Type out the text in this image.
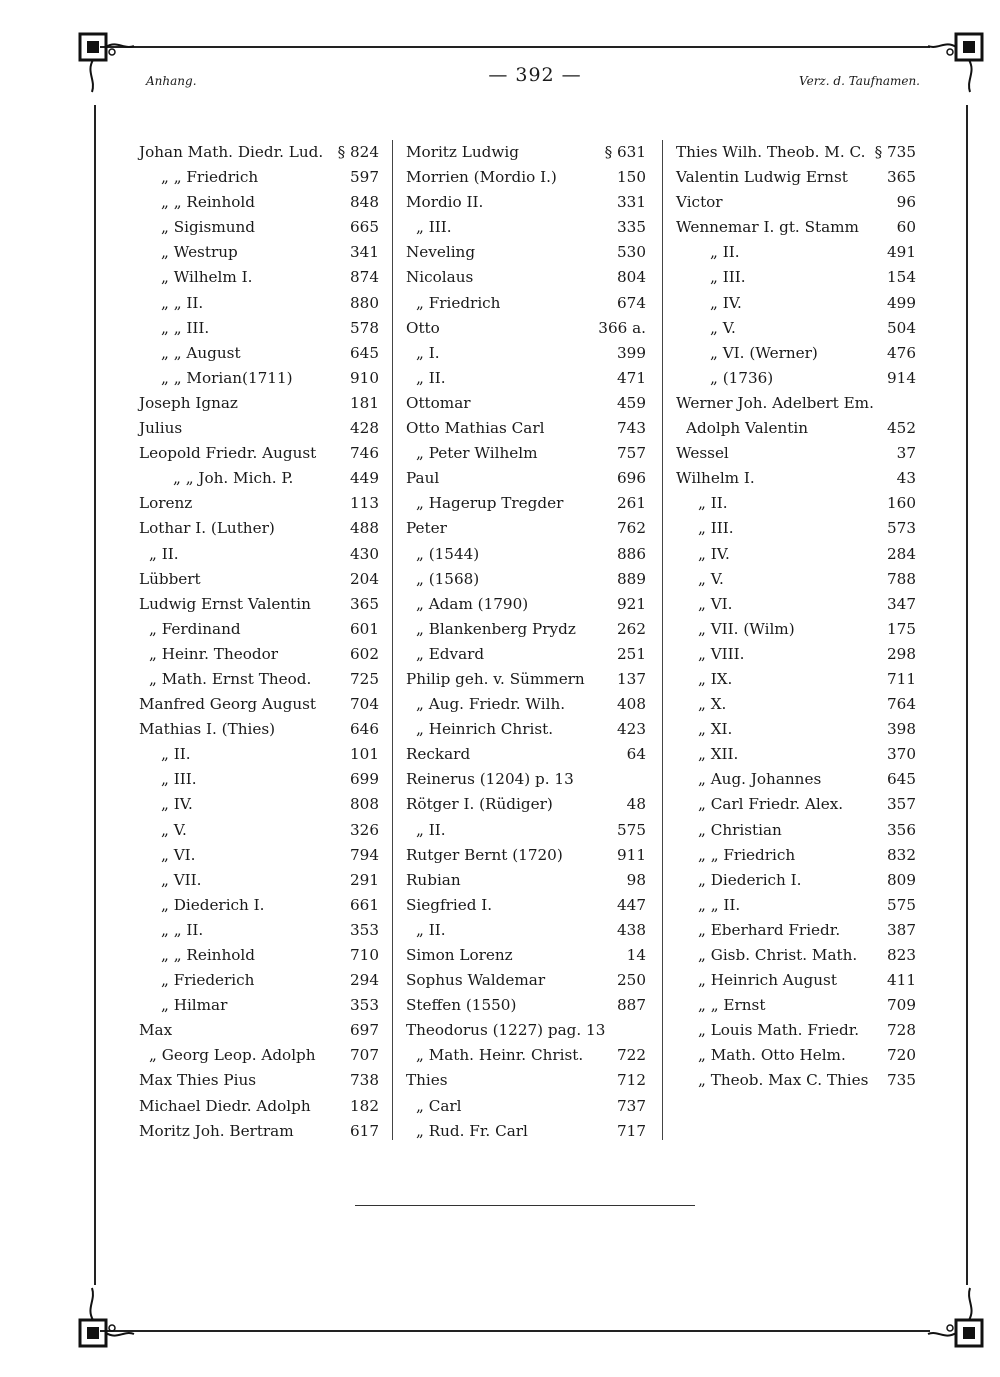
Anhang.	— 392 —	Verz. d. Taufnamen.
Johan Math. Diedr. Lud. § 824
„ „ Friedrich	597
„ „ Reinhold	848
„ Sigismund	665
„ Westrup	341
„ Wilhelm I.	874
„ „ II.	880
„ „ III.	578
„ „ August	645
„ „ Morian(1711)	910
Joseph Ignaz	181
Julius	428
Leopold Friedr. August 746
„ „ Joh. Mich. P.	449
Lorenz	113
Lothar I. (Luther)	488
„ II.	430
Lübbert	204
Ludwig Ernst Valentin	365
„ Ferdinand	601
„ Heinr. Theodor	602
„ Math. Ernst Theod.	725
Manfred Georg August 704
Mathias I. (Thies)	646
„ II.	101
„ III.	699
„ IV.	808
„ V.	326
„ VI.	794
„ VII.	291
„ Diederich I.	661
„ „ II.	353
„ „ Reinhold	710
„ Friederich	294
„ Hilmar	353
Max	697
„ Georg Leop. Adolph 707
Max Thies Pius	738
Michael Diedr. Adolph	182
Moritz Joh. Bertram	617
Moritz Ludwig	§ 631
Morrien (Mordio I.)	150
Mordio II.	331
„ III.	335
Neveling	530
Nicolaus	804
„ Friedrich	674
Otto	366 a.
„ I.	399
„ II.	471
Ottomar	459
Otto Mathias Carl	743
„ Peter Wilhelm	757
Paul	696
„ Hagerup Tregder	261
Peter	762
„ (1544)	886
„ (1568)	889
„ Adam (1790)	921
„ Blankenberg Prydz	262
„ Edvard	251
Philip geh. v. Sümmern 137
„ Aug. Friedr. Wilh.	408
„ Heinrich Christ.	423
Reckard	64
Reinerus (1204) p. 13
Rötger I. (Rüdiger)	48
„ II.	575
Rutger Bernt (1720)	911
Rubian	98
Siegfried I.	447
„ II.	438
Simon Lorenz	14
Sophus Waldemar	250
Steffen (1550)	887
Theodorus (1227) pag. 13
„ Math. Heinr. Christ. 722
Thies	712
„ Carl	737
„ Rud. Fr. Carl	717
Thies Wilh. Theob. M. C. § 735
Valentin Ludwig Ernst	365
Victor	96
Wennemar I. gt. Stamm 60
„ II.	491
„ III.	154
„ IV.	499
„ V.	504
„ VI. (Werner)	476
„ (1736)	914
Werner Joh. Adelbert Em.
Adolph Valentin	452
Wessel	37
Wilhelm I.	43
„ II.	160
„ III.	573
„ IV.	284
„ V.	788
„ VI.	347
„ VII. (Wilm)	175
„ VIII.	298
„ IX.	711
„ X.	764
„ XI.	398
„ XII.	370
„ Aug. Johannes	645
„ Carl Friedr. Alex.	357
„ Christian	356
„ „ Friedrich	832
„ Diederich I.	809
„ „ II.	575
„ Eberhard Friedr.	387
„ Gisb. Christ. Math. 823
„ Heinrich August	411
„ „ Ernst	709
„ Louis Math. Friedr. 728
„ Math. Otto Helm.	720
„ Theob. Max C. Thies 735
